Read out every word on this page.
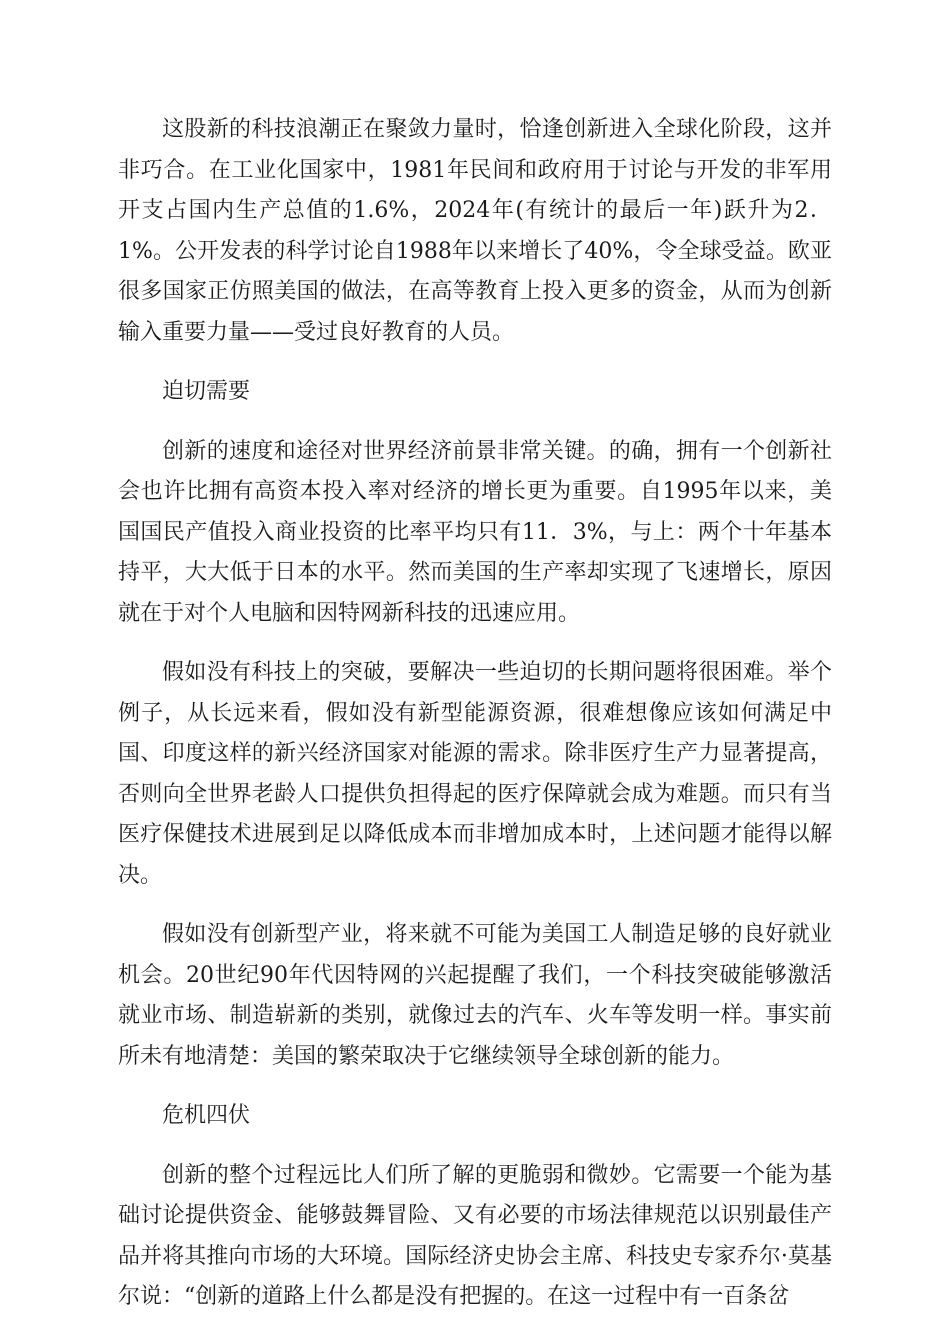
这股新的科技浪潮正在聚敛力量时，恰逢创新进入全球化阶段，这并非巧合。在工业化国家中，1981年民间和政府用于讨论与开发的非军用开支占国内生产总值的1.6%，2024年(有统计的最后一年)跃升为2．1%。公开发表的科学讨论自1988年以来增长了40%，令全球受益。欧亚很多国家正仿照美国的做法，在高等教育上投入更多的资金，从而为创新输入重要力量——受过良好教育的人员。

迫切需要

创新的速度和途径对世界经济前景非常关键。的确，拥有一个创新社会也许比拥有高资本投入率对经济的增长更为重要。自1995年以来，美国国民产值投入商业投资的比率平均只有11．3%，与上：两个十年基本持平，大大低于日本的水平。然而美国的生产率却实现了飞速增长，原因就在于对个人电脑和因特网新科技的迅速应用。

假如没有科技上的突破，要解决一些迫切的长期问题将很困难。举个例子，从长远来看，假如没有新型能源资源，很难想像应该如何满足中国、印度这样的新兴经济国家对能源的需求。除非医疗生产力显著提高，否则向全世界老龄人口提供负担得起的医疗保障就会成为难题。而只有当医疗保健技术进展到足以降低成本而非增加成本时，上述问题才能得以解决。

假如没有创新型产业，将来就不可能为美国工人制造足够的良好就业机会。20世纪90年代因特网的兴起提醒了我们，一个科技突破能够激活就业市场、制造崭新的类别，就像过去的汽车、火车等发明一样。事实前所未有地清楚：美国的繁荣取决于它继续领导全球创新的能力。

危机四伏

创新的整个过程远比人们所了解的更脆弱和微妙。它需要一个能为基础讨论提供资金、能够鼓舞冒险、又有必要的市场法律规范以识别最佳产品并将其推向市场的大环境。国际经济史协会主席、科技史专家乔尔·莫基尔说：“创新的道路上什么都是没有把握的。在这一过程中有一百条岔
